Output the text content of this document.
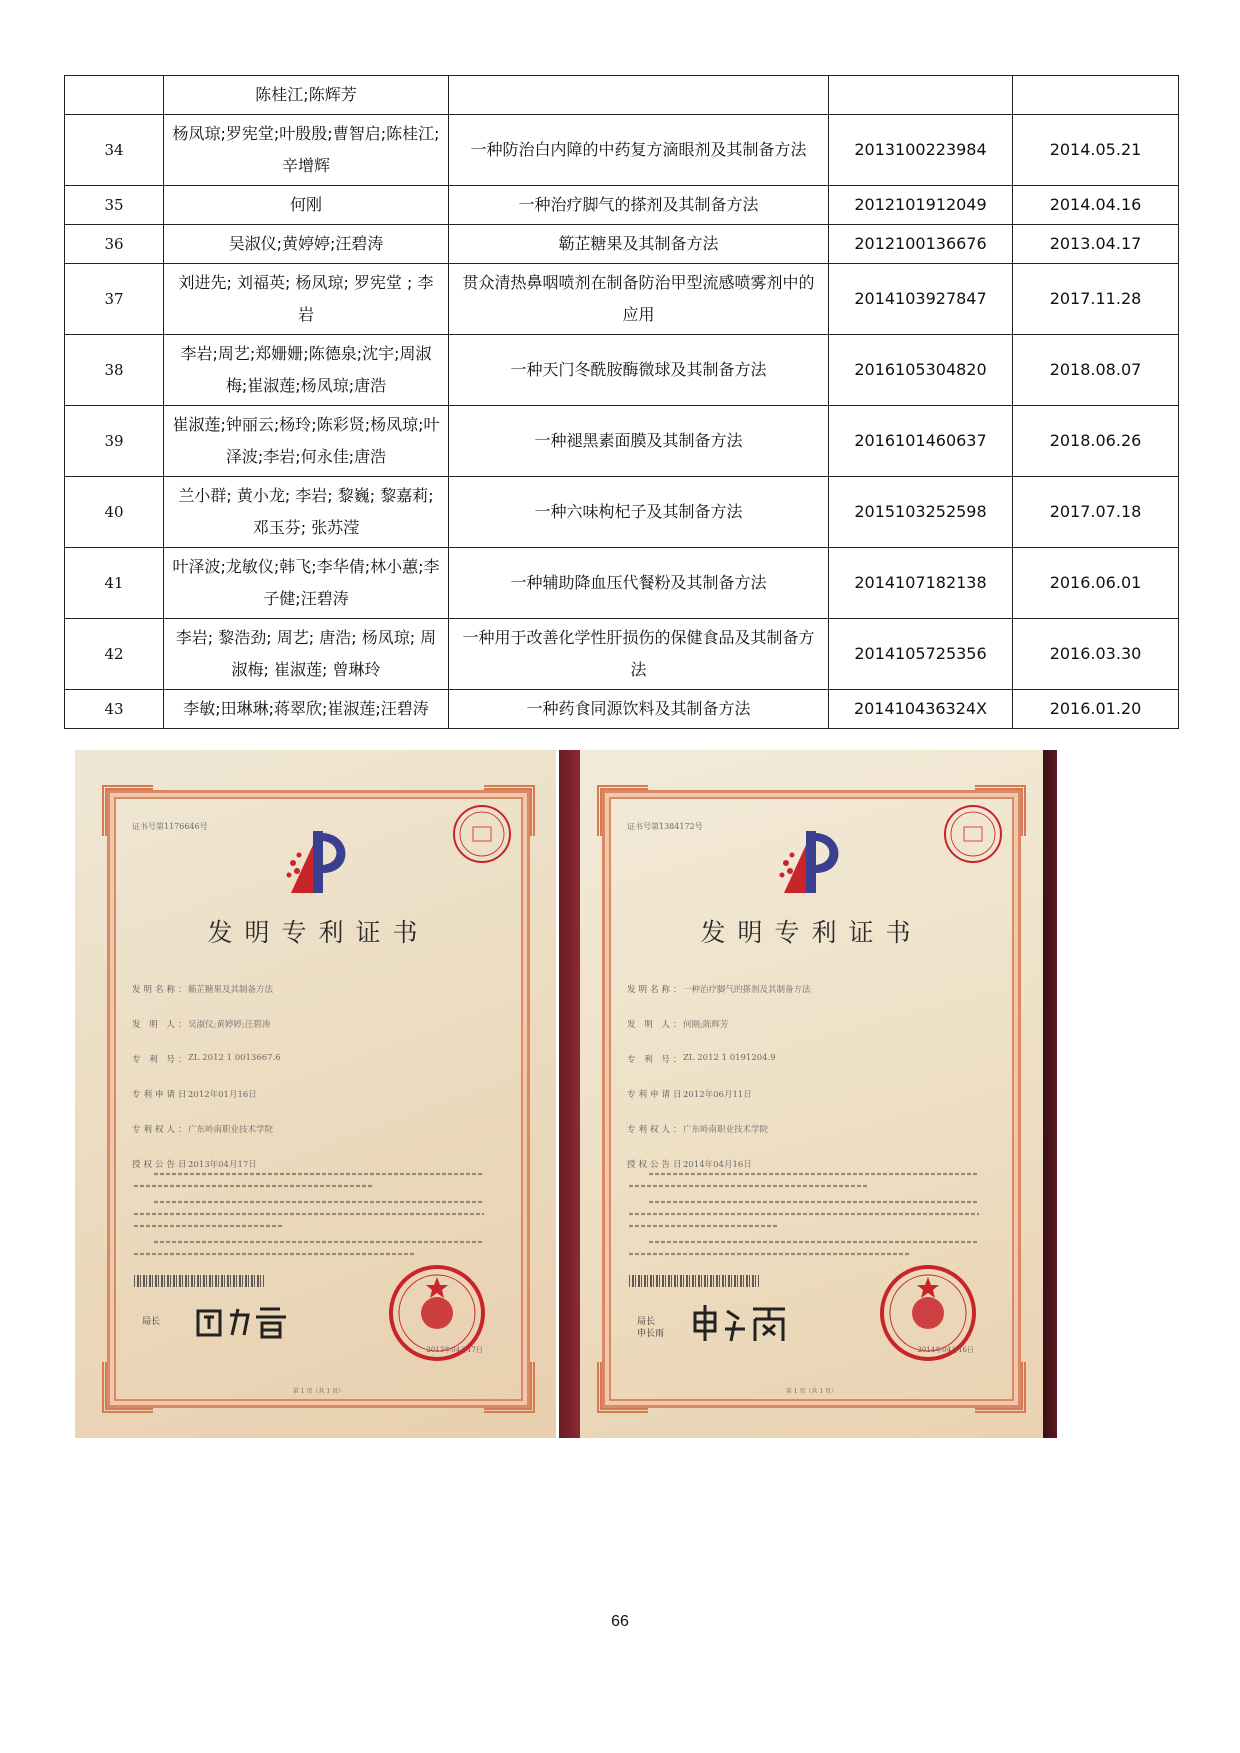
	陈桂江;陈辉芳			
34	杨凤琼;罗宪堂;叶殷殷;曹智启;陈桂江;辛增辉	一种防治白内障的中药复方滴眼剂及其制备方法	2013100223984	2014.05.21
35	何刚	一种治疗脚气的搽剂及其制备方法	2012101912049	2014.04.16
36	吴淑仪;黄婷婷;汪碧涛	簕芷糖果及其制备方法	2012100136676	2013.04.17
37	刘进先; 刘福英; 杨凤琼; 罗宪堂 ; 李岩	贯众清热鼻咽喷剂在制备防治甲型流感喷雾剂中的应用	2014103927847	2017.11.28
38	李岩;周艺;郑姗姗;陈德泉;沈宇;周淑梅;崔淑莲;杨凤琼;唐浩	一种天门冬酰胺酶微球及其制备方法	2016105304820	2018.08.07
39	崔淑莲;钟丽云;杨玲;陈彩贤;杨凤琼;叶泽波;李岩;何永佳;唐浩	一种褪黑素面膜及其制备方法	2016101460637	2018.06.26
40	兰小群; 黄小龙; 李岩; 黎巍; 黎嘉莉; 邓玉芬; 张苏滢	一种六味枸杞子及其制备方法	2015103252598	2017.07.18
41	叶泽波;龙敏仪;韩飞;李华倩;林小蕙;李子健;汪碧涛	一种辅助降血压代餐粉及其制备方法	2014107182138	2016.06.01
42	李岩; 黎浩劲; 周艺; 唐浩; 杨凤琼; 周淑梅; 崔淑莲; 曾琳玲	一种用于改善化学性肝损伤的保健食品及其制备方法	2014105725356	2016.03.30
43	李敏;田琳琳;蒋翠欣;崔淑莲;汪碧涛	一种药食同源饮料及其制备方法	201410436324X	2016.01.20
证书号第1176646号
发明专利证书
发明名称：
簕芷糖果及其制备方法
发 明 人：
吴淑仪;黄婷婷;汪碧涛
专 利 号：
ZL 2012 1 0013667.6
专利申请日：
2012年01月16日
专利权人：
广东岭南职业技术学院
授权公告日：
2013年04月17日
局长
2013年04月17日
第 1 页（共 1 页）
证书号第1384172号
发明专利证书
发明名称：
一种治疗脚气的搽剂及其制备方法
发 明 人：
何刚;陈辉芳
专 利 号：
ZL 2012 1 0191204.9
专利申请日：
2012年06月11日
专利权人：
广东岭南职业技术学院
授权公告日：
2014年04月16日
局长
申长雨
2014年04月16日
第 1 页（共 1 页）
66
